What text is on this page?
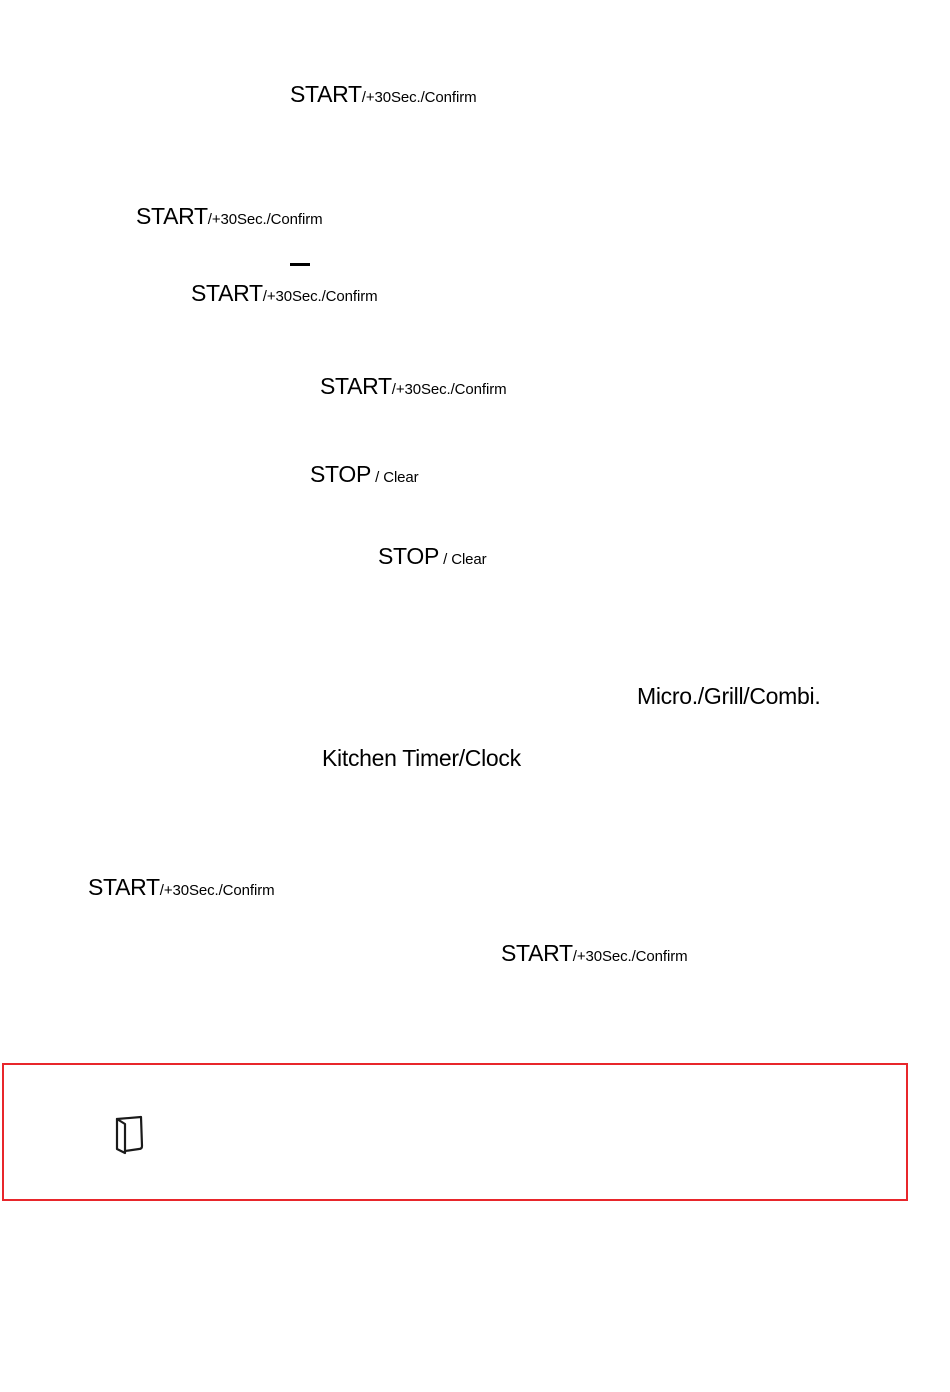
START/+30Sec./Confirm
START/+30Sec./Confirm
START/+30Sec./Confirm
START/+30Sec./Confirm
STOP / Clear
STOP / Clear
Micro./Grill/Combi.
Kitchen Timer/Clock
START/+30Sec./Confirm
START/+30Sec./Confirm
